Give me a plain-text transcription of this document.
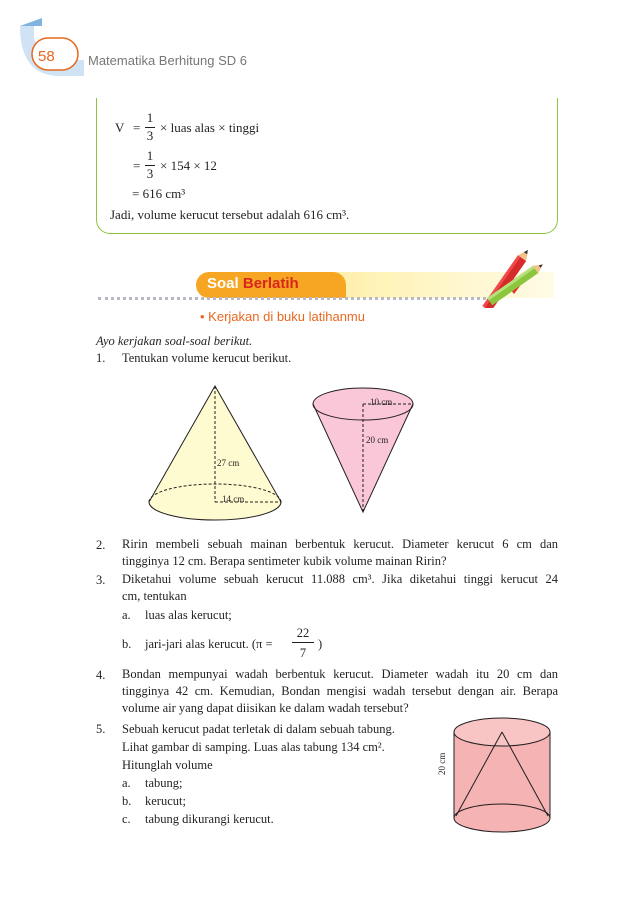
58	Matematika Berhitung SD 6
V =
1
3
× luas alas × tinggi
=
1
3
× 154 × 12
= 616 cm³
Jadi, volume kerucut tersebut adalah 616 cm³.
Soal Berlatih
• Kerjakan di buku latihanmu
Ayo kerjakan soal-soal berikut.
1. Tentukan volume kerucut berikut.
27 cm
14 cm
10 cm
20 cm
2. Ririn membeli sebuah mainan berbentuk kerucut. Diameter kerucut 6 cm dan
tingginya 12 cm. Berapa sentimeter kubik volume mainan Ririn?
3. Diketahui volume sebuah kerucut 11.088 cm³. Jika diketahui tinggi kerucut 24
cm, tentukan
a. luas alas kerucut;
b. jari-jari alas kerucut. (π =
22
7
)
4. Bondan mempunyai wadah berbentuk kerucut. Diameter wadah itu 20 cm dan
tingginya 42 cm. Kemudian, Bondan mengisi wadah tersebut dengan air. Berapa
volume air yang dapat diisikan ke dalam wadah tersebut?
5. Sebuah kerucut padat terletak di dalam sebuah tabung.
Lihat gambar di samping. Luas alas tabung 134 cm².
Hitunglah volume
a. tabung;
b. kerucut;
c. tabung dikurangi kerucut.
20 cm
